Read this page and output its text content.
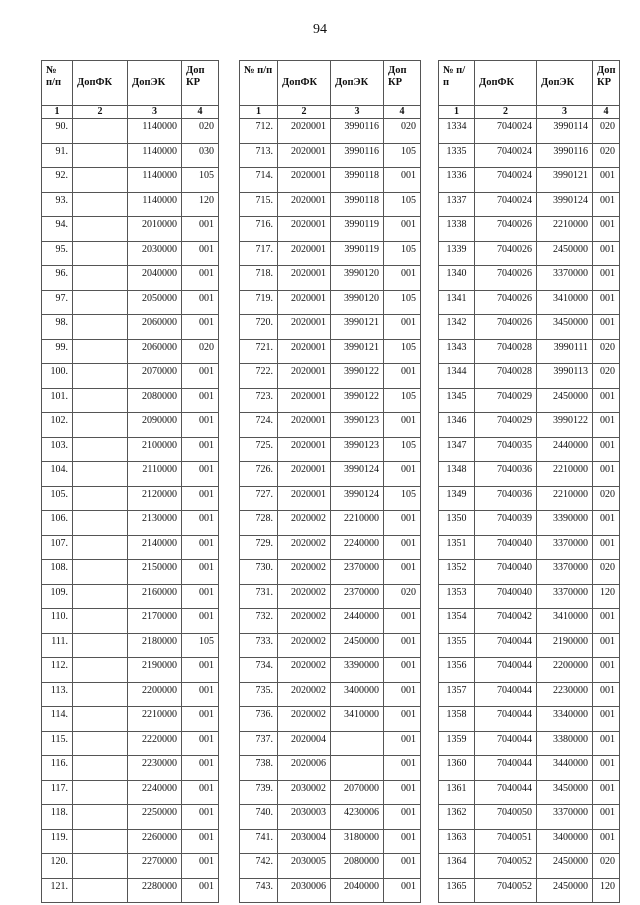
94
№ п/п	ДопФК	ДопЭК	Доп КР
1	2	3	4
90.		1140000	020
91.		1140000	030
92.		1140000	105
93.		1140000	120
94.		2010000	001
95.		2030000	001
96.		2040000	001
97.		2050000	001
98.		2060000	001
99.		2060000	020
100.		2070000	001
101.		2080000	001
102.		2090000	001
103.		2100000	001
104.		2110000	001
105.		2120000	001
106.		2130000	001
107.		2140000	001
108.		2150000	001
109.		2160000	001
110.		2170000	001
111.		2180000	105
112.		2190000	001
113.		2200000	001
114.		2210000	001
115.		2220000	001
116.		2230000	001
117.		2240000	001
118.		2250000	001
119.		2260000	001
120.		2270000	001
121.		2280000	001
№ п/п	ДопФК	ДопЭК	Доп КР
1	2	3	4
712.	2020001	3990116	020
713.	2020001	3990116	105
714.	2020001	3990118	001
715.	2020001	3990118	105
716.	2020001	3990119	001
717.	2020001	3990119	105
718.	2020001	3990120	001
719.	2020001	3990120	105
720.	2020001	3990121	001
721.	2020001	3990121	105
722.	2020001	3990122	001
723.	2020001	3990122	105
724.	2020001	3990123	001
725.	2020001	3990123	105
726.	2020001	3990124	001
727.	2020001	3990124	105
728.	2020002	2210000	001
729.	2020002	2240000	001
730.	2020002	2370000	001
731.	2020002	2370000	020
732.	2020002	2440000	001
733.	2020002	2450000	001
734.	2020002	3390000	001
735.	2020002	3400000	001
736.	2020002	3410000	001
737.	2020004		001
738.	2020006		001
739.	2030002	2070000	001
740.	2030003	4230006	001
741.	2030004	3180000	001
742.	2030005	2080000	001
743.	2030006	2040000	001
№ п/п	ДопФК	ДопЭК	Доп КР
1	2	3	4
1334	7040024	3990114	020
1335	7040024	3990116	020
1336	7040024	3990121	001
1337	7040024	3990124	001
1338	7040026	2210000	001
1339	7040026	2450000	001
1340	7040026	3370000	001
1341	7040026	3410000	001
1342	7040026	3450000	001
1343	7040028	3990111	020
1344	7040028	3990113	020
1345	7040029	2450000	001
1346	7040029	3990122	001
1347	7040035	2440000	001
1348	7040036	2210000	001
1349	7040036	2210000	020
1350	7040039	3390000	001
1351	7040040	3370000	001
1352	7040040	3370000	020
1353	7040040	3370000	120
1354	7040042	3410000	001
1355	7040044	2190000	001
1356	7040044	2200000	001
1357	7040044	2230000	001
1358	7040044	3340000	001
1359	7040044	3380000	001
1360	7040044	3440000	001
1361	7040044	3450000	001
1362	7040050	3370000	001
1363	7040051	3400000	001
1364	7040052	2450000	020
1365	7040052	2450000	120
